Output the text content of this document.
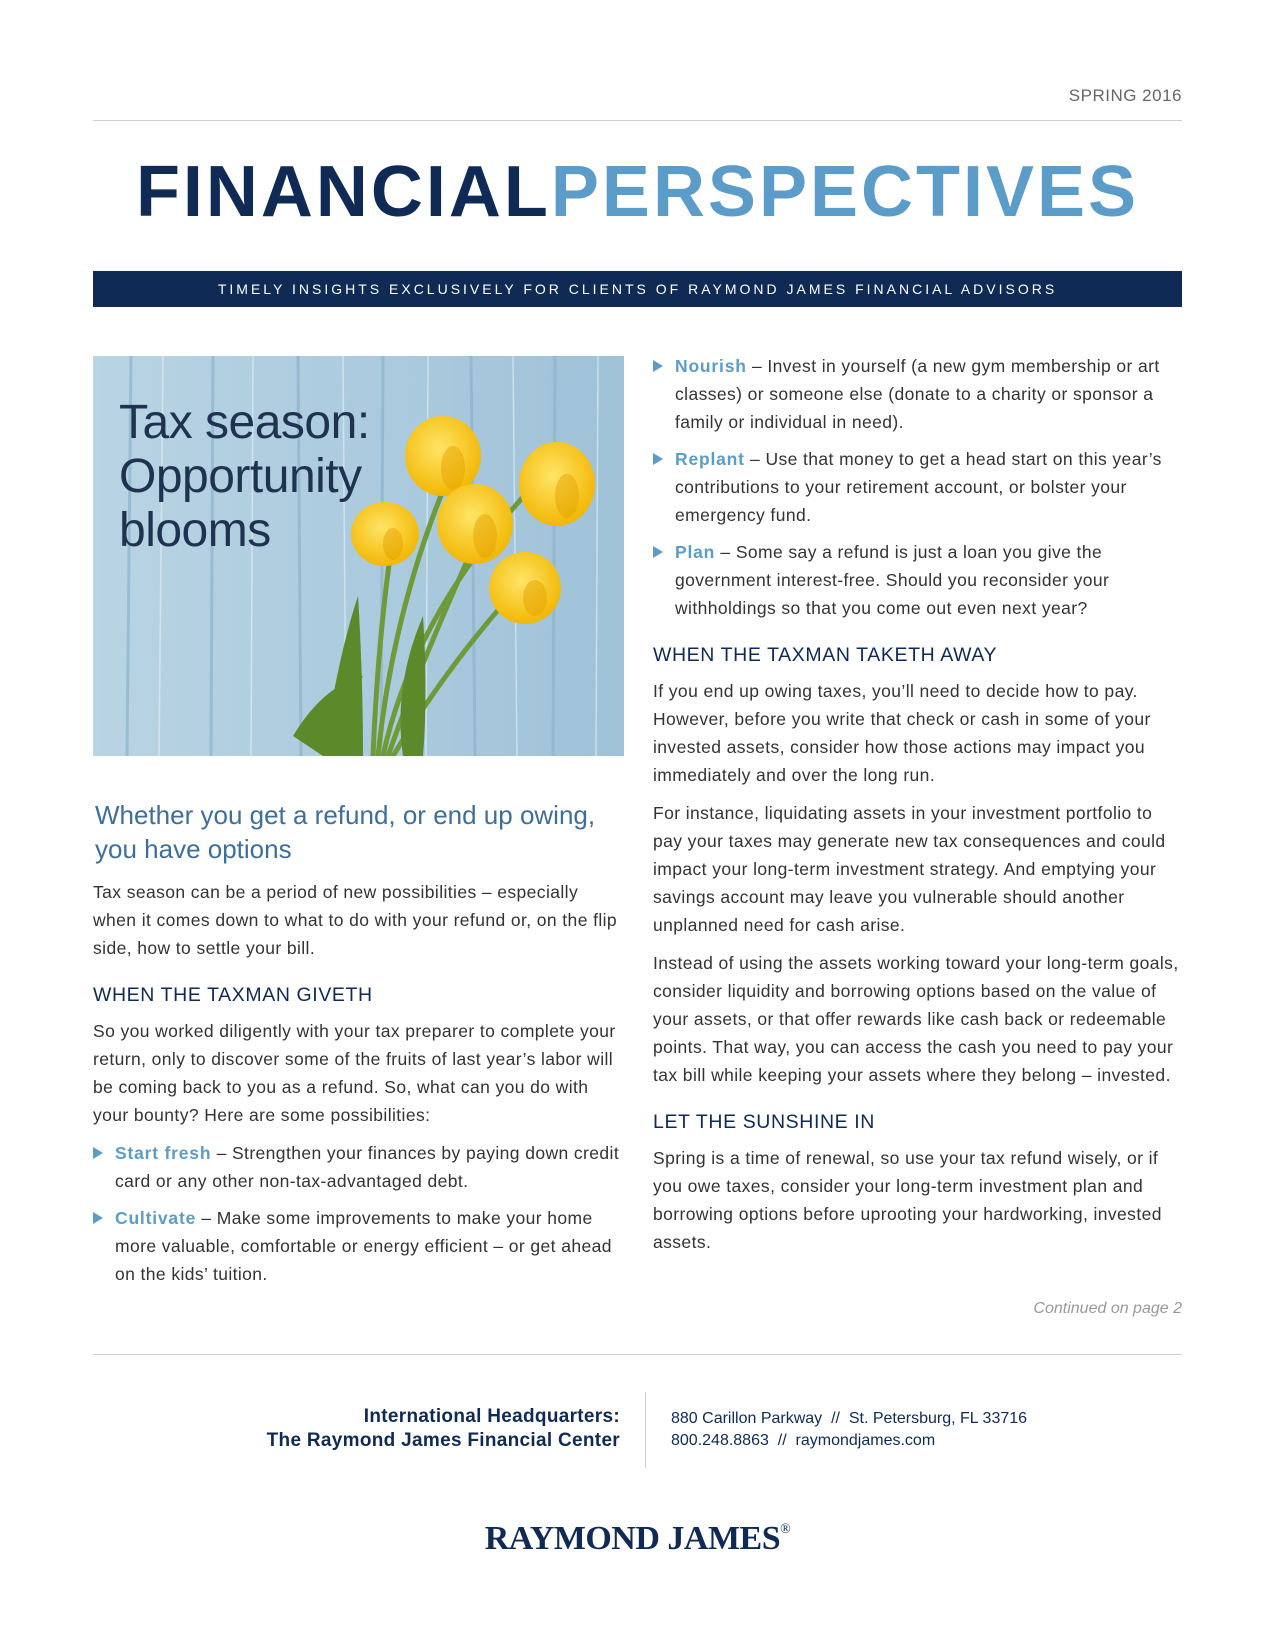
SPRING 2016
FINANCIALPERSPECTIVES
TIMELY INSIGHTS EXCLUSIVELY FOR CLIENTS OF RAYMOND JAMES FINANCIAL ADVISORS
Tax season:
Opportunity
blooms
Whether you get a refund, or end up owing, you have options

Tax season can be a period of new possibilities – especially when it comes down to what to do with your refund or, on the flip side, how to settle your bill.

WHEN THE TAXMAN GIVETH

So you worked diligently with your tax preparer to complete your return, only to discover some of the fruits of last year’s labor will be coming back to you as a refund. So, what can you do with your bounty? Here are some possibilities:

Start fresh – Strengthen your finances by paying down credit card or any other non-tax-advantaged debt.
Cultivate – Make some improvements to make your home more valuable, comfortable or energy efficient – or get ahead on the kids’ tuition.
Nourish – Invest in yourself (a new gym membership or art classes) or someone else (donate to a charity or sponsor a family or individual in need).
Replant – Use that money to get a head start on this year’s contributions to your retirement account, or bolster your emergency fund.
Plan – Some say a refund is just a loan you give the government interest-free. Should you reconsider your withholdings so that you come out even next year?
WHEN THE TAXMAN TAKETH AWAY

If you end up owing taxes, you’ll need to decide how to pay. However, before you write that check or cash in some of your invested assets, consider how those actions may impact you immediately and over the long run.

For instance, liquidating assets in your investment portfolio to pay your taxes may generate new tax consequences and could impact your long-term investment strategy. And emptying your savings account may leave you vulnerable should another unplanned need for cash arise.

Instead of using the assets working toward your long-term goals, consider liquidity and borrowing options based on the value of your assets, or that offer rewards like cash back or redeemable points. That way, you can access the cash you need to pay your tax bill while keeping your assets where they belong – invested.

LET THE SUNSHINE IN

Spring is a time of renewal, so use your tax refund wisely, or if you owe taxes, consider your long-term investment plan and borrowing options before uprooting your hardworking, invested assets.

Continued on page 2
International Headquarters:
The Raymond James Financial Center
880 Carillon Parkway  //  St. Petersburg, FL 33716
800.248.8863  //  raymondjames.com
RAYMOND JAMES®
